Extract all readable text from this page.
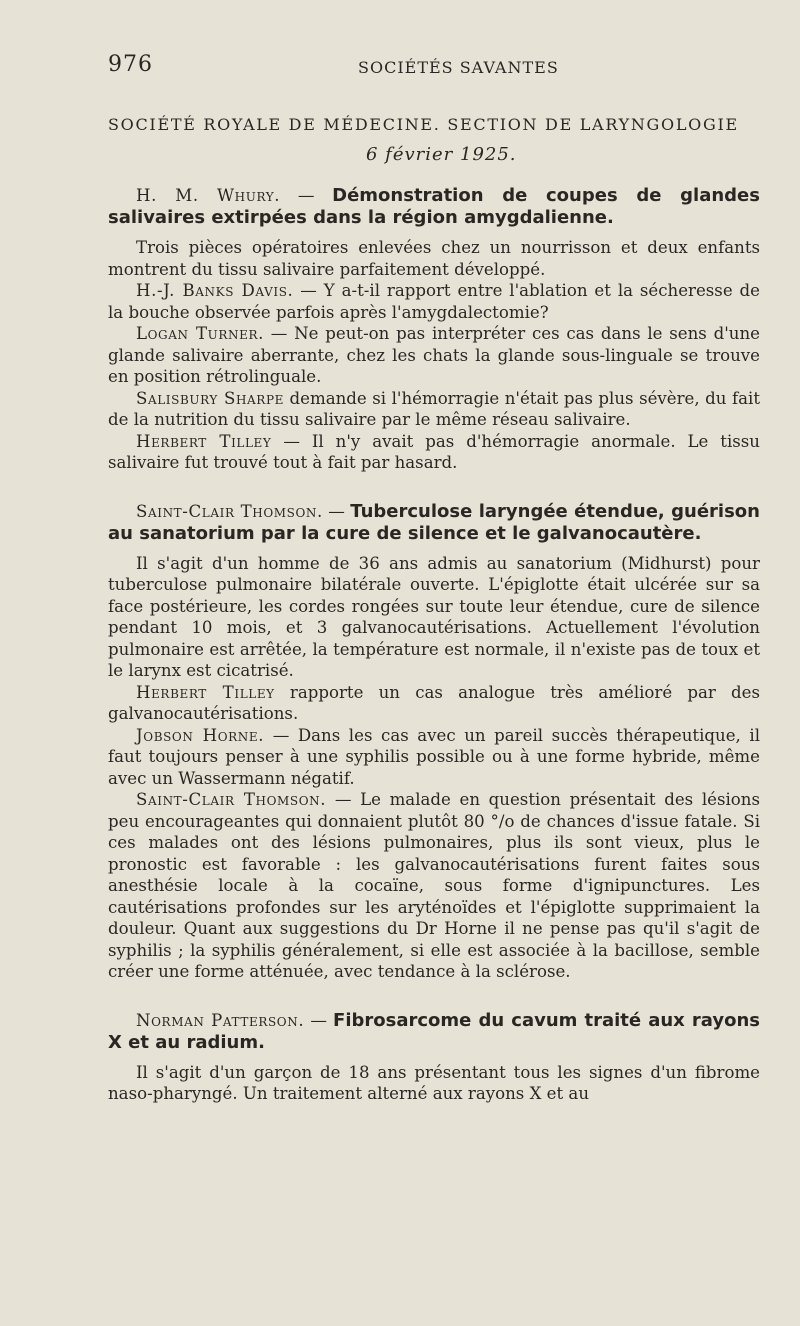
976	SOCIÉTÉS SAVANTES
SOCIÉTÉ ROYALE DE MÉDECINE. SECTION DE LARYNGOLOGIE
6 février 1925.

H. M. Whury. — Démonstration de coupes de glandes salivaires extirpées dans la région amygdalienne.

Trois pièces opératoires enlevées chez un nourrisson et deux enfants montrent du tissu salivaire parfaitement développé.

H.-J. Banks Davis. — Y a-t-il rapport entre l'ablation et la sécheresse de la bouche observée parfois après l'amygdalectomie?

Logan Turner. — Ne peut-on pas interpréter ces cas dans le sens d'une glande salivaire aberrante, chez les chats la glande sous-linguale se trouve en position rétrolinguale.

Salisbury Sharpe demande si l'hémorragie n'était pas plus sévère, du fait de la nutrition du tissu salivaire par le même réseau salivaire.

Herbert Tilley — Il n'y avait pas d'hémorragie anormale. Le tissu salivaire fut trouvé tout à fait par hasard.

Saint-Clair Thomson. — Tuberculose laryngée étendue, guérison au sanatorium par la cure de silence et le galvanocautère.

Il s'agit d'un homme de 36 ans admis au sanatorium (Midhurst) pour tuberculose pulmonaire bilatérale ouverte. L'épiglotte était ulcérée sur sa face postérieure, les cordes rongées sur toute leur étendue, cure de silence pendant 10 mois, et 3 galvanocautérisations. Actuellement l'évolution pulmonaire est arrêtée, la température est normale, il n'existe pas de toux et le larynx est cicatrisé.

Herbert Tilley rapporte un cas analogue très amélioré par des galvanocautérisations.

Jobson Horne. — Dans les cas avec un pareil succès thérapeutique, il faut toujours penser à une syphilis possible ou à une forme hybride, même avec un Wassermann négatif.

Saint-Clair Thomson. — Le malade en question présentait des lésions peu encourageantes qui donnaient plutôt 80 °/o de chances d'issue fatale. Si ces malades ont des lésions pulmonaires, plus ils sont vieux, plus le pronostic est favorable : les galvanocautérisations furent faites sous anesthésie locale à la cocaïne, sous forme d'ignipunctures. Les cautérisations profondes sur les aryténoïdes et l'épiglotte supprimaient la douleur. Quant aux suggestions du Dr Horne il ne pense pas qu'il s'agit de syphilis ; la syphilis généralement, si elle est associée à la bacillose, semble créer une forme atténuée, avec tendance à la sclérose.

Norman Patterson. — Fibrosarcome du cavum traité aux rayons X et au radium.

Il s'agit d'un garçon de 18 ans présentant tous les signes d'un fibrome naso-pharyngé. Un traitement alterné aux rayons X et au
